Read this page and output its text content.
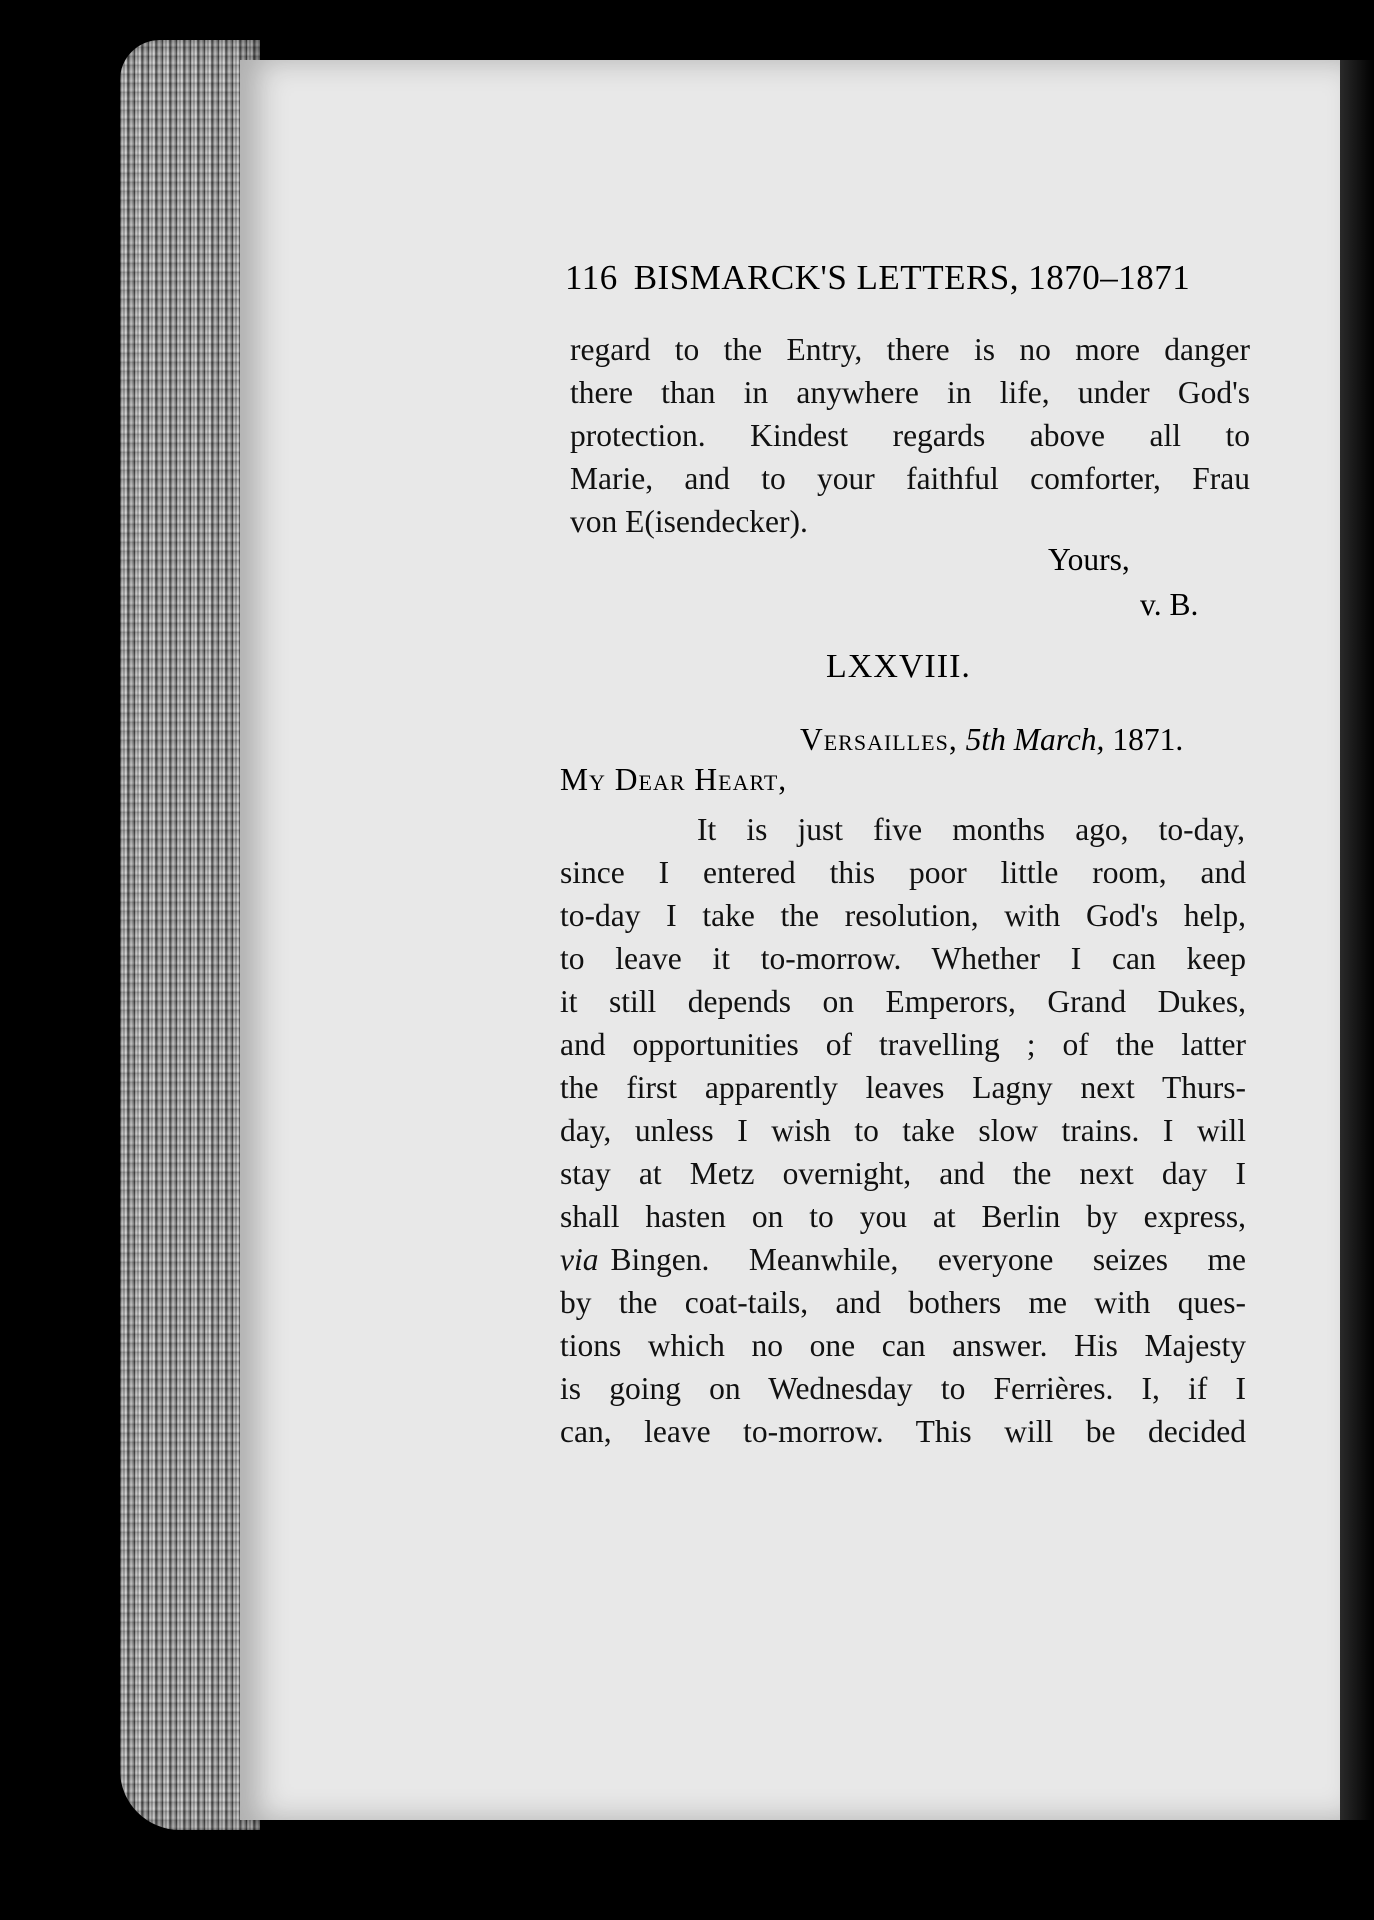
116 BISMARCK'S LETTERS, 1870–1871
regard to the Entry, there is no more danger
there than in anywhere in life, under God's
protection. Kindest regards above all to
Marie, and to your faithful comforter, Frau
von E(isendecker).
Yours,
v. B.
LXXVIII.
Versailles, 5th March, 1871.
My Dear Heart,
It is just five months ago, to-day,
since I entered this poor little room, and
to-day I take the resolution, with God's help,
to leave it to-morrow. Whether I can keep
it still depends on Emperors, Grand Dukes,
and opportunities of travelling ; of the latter
the first apparently leaves Lagny next Thurs-
day, unless I wish to take slow trains. I will
stay at Metz overnight, and the next day I
shall hasten on to you at Berlin by express,
via Bingen. Meanwhile, everyone seizes me
by the coat-tails, and bothers me with ques-
tions which no one can answer. His Majesty
is going on Wednesday to Ferrières. I, if I
can, leave to-morrow. This will be decided
